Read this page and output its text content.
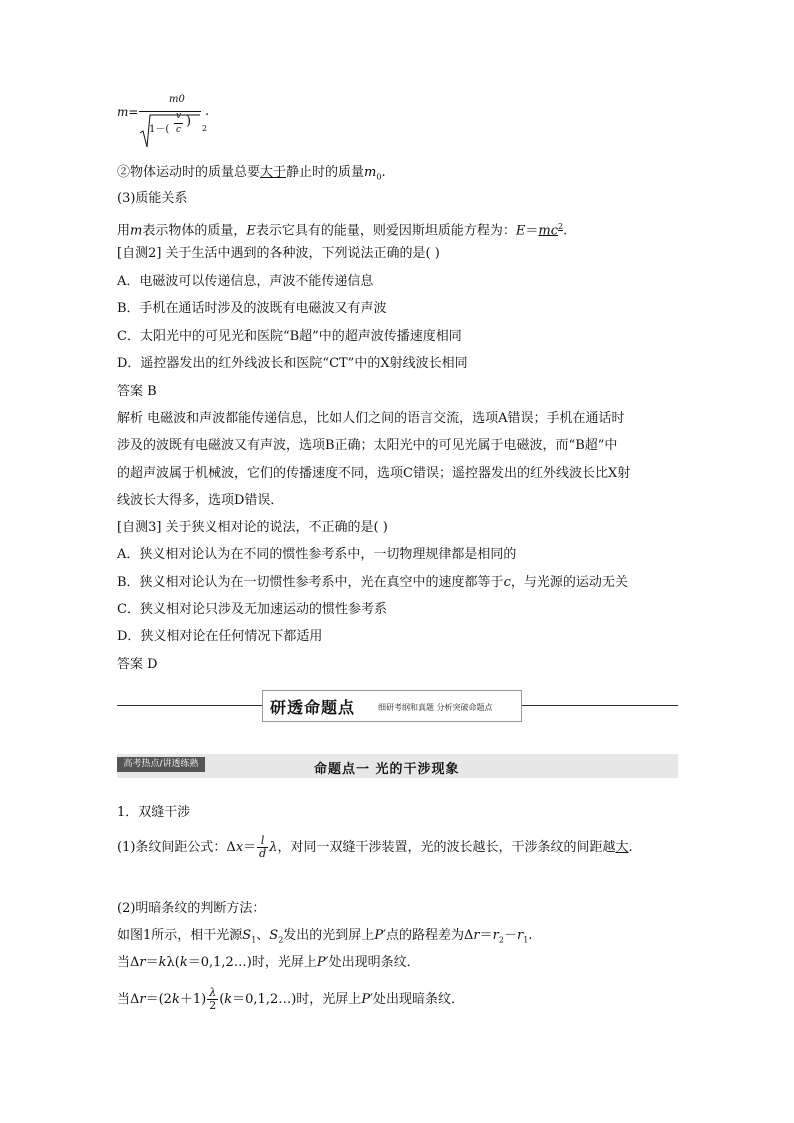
m=
m0
.
1－(
v
c
) 2
②物体运动时的质量总要大于静止时的质量$m_0$.
(3)质能关系
用m表示物体的质量，E表示它具有的能量，则爱因斯坦质能方程为：$E=mc^2$.
[自测2] 关于生活中遇到的各种波，下列说法正确的是( )
A．电磁波可以传递信息，声波不能传递信息
B．手机在通话时涉及的波既有电磁波又有声波
C．太阳光中的可见光和医院“B超”中的超声波传播速度相同
D．遥控器发出的红外线波长和医院“CT”中的X射线波长相同
答案 B
解析 电磁波和声波都能传递信息，比如人们之间的语言交流，选项A错误；手机在通话时
涉及的波既有电磁波又有声波，选项B正确；太阳光中的可见光属于电磁波，而“B超”中
的超声波属于机械波，它们的传播速度不同，选项C错误；遥控器发出的红外线波长比X射
线波长大得多，选项D错误．
[自测3] 关于狭义相对论的说法，不正确的是( )
A．狭义相对论认为在不同的惯性参考系中，一切物理规律都是相同的
B．狭义相对论认为在一切惯性参考系中，光在真空中的速度都等于c，与光源的运动无关
C．狭义相对论只涉及无加速运动的惯性参考系
D．狭义相对论在任何情况下都适用
答案 D
研透命题点	细研考纲和真题 分析突破命题点
高考热点/讲透练熟	命题点一 光的干涉现象
1．双缝干涉
(1)条纹间距公式：$\Delta x= \frac{l}{d}$ λ，对同一双缝干涉装置，光的波长越长，干涉条纹的间距越大.
(2)明暗条纹的判断方法：
如图1所示，相干光源$S_1$、$S_2$发出的光到屏上P′点的路程差为$\Delta r=r_2-r_1$.
当Δr＝kλ(k＝0,1,2…)时，光屏上P′处出现明条纹．
当$\Delta r=(2k+1) \frac{\lambda}{2}$ (k＝0,1,2…)时，光屏上P′处出现暗条纹．
